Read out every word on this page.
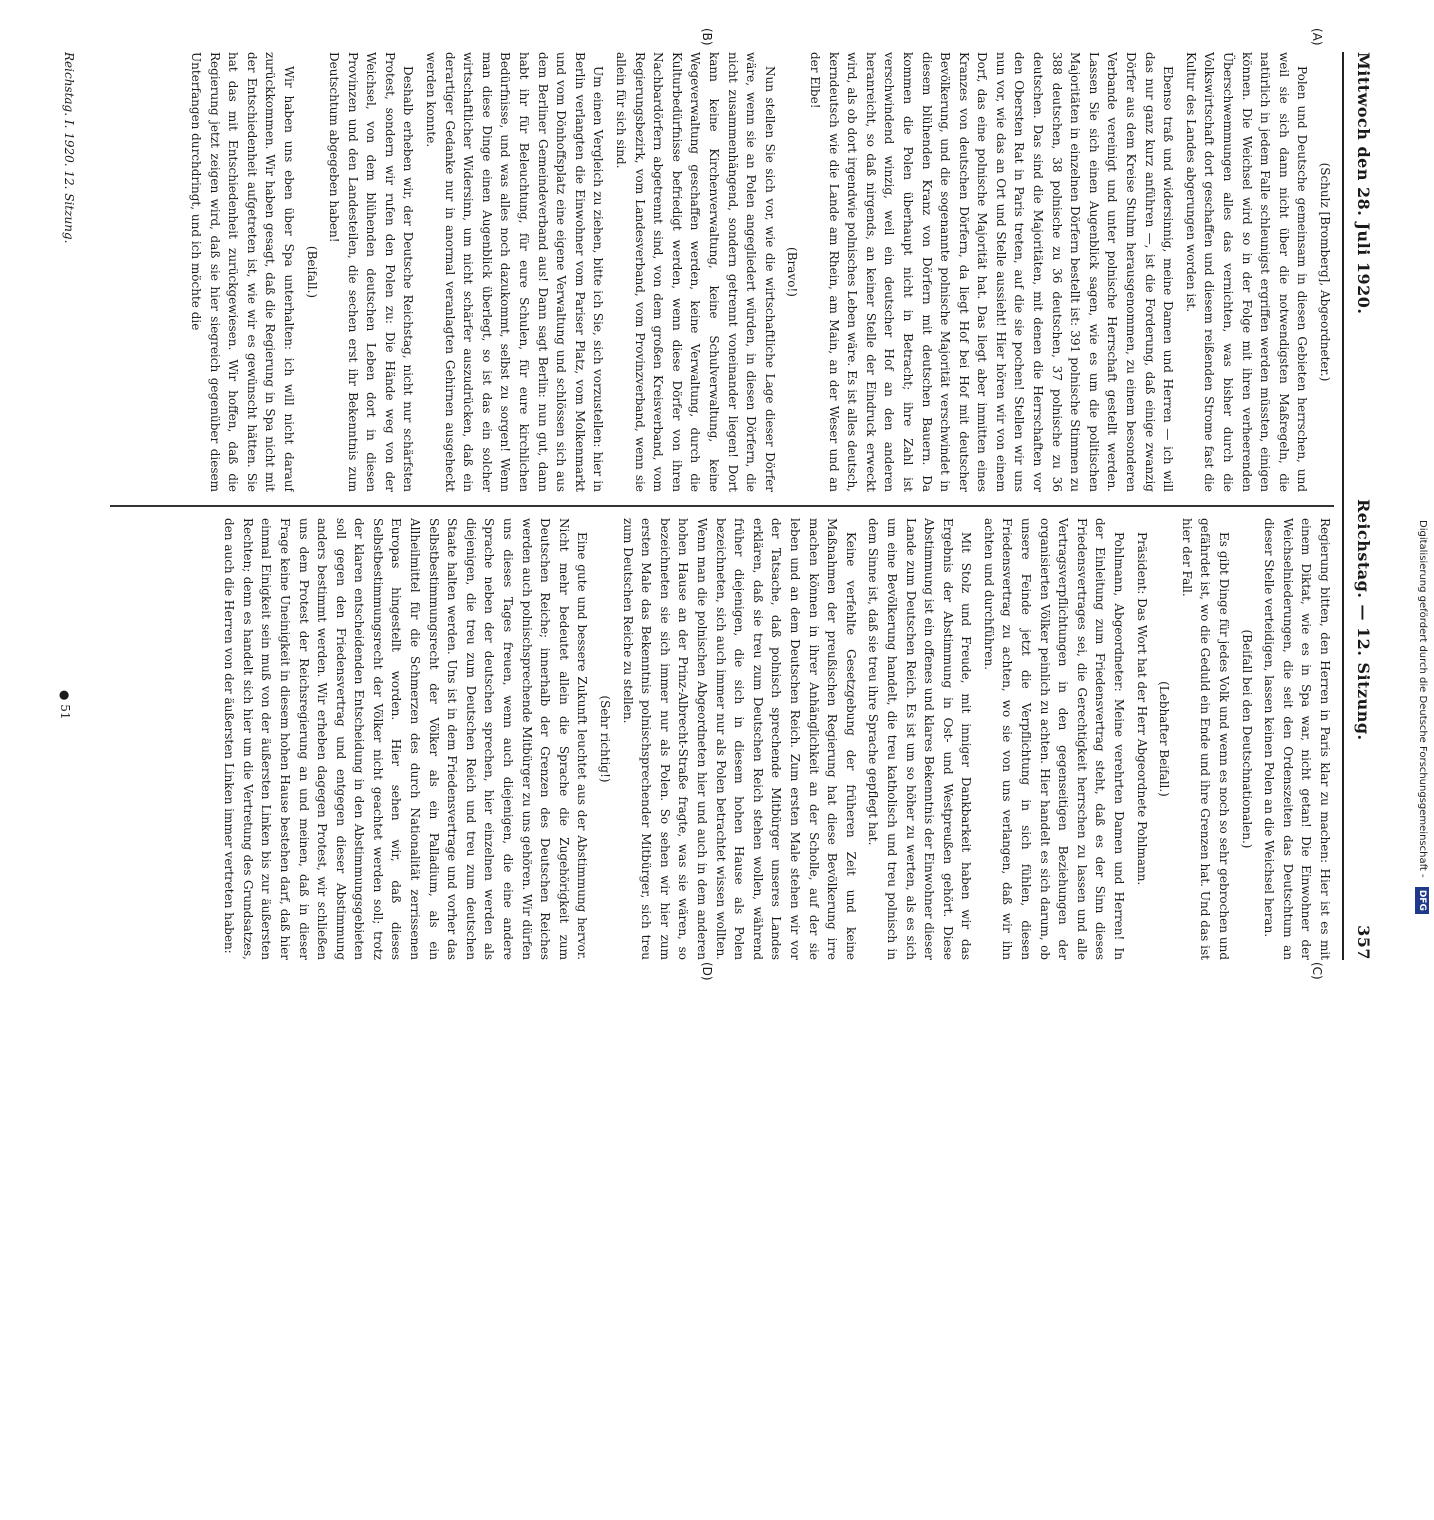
357
Reichstag. — 12. Sitzung.
Mittwoch den 28. Juli 1920.
(A)
(B)
(C)
(D)

(Schulz [Bromberg], Abgeordneter.)

Polen und Deutsche gemeinsam in diesen Gebieten herrschen, und weil sie sich dann nicht über die notwendigsten Maßregeln, die natürlich in jedem Falle schleunigst ergriffen werden müssten, einigen können. Die Weichsel wird so in der Folge mit ihren verheerenden Überschwemmungen alles das vernichten, was bisher durch die Volkswirtschaft dort geschaffen und diesem reißenden Strome fast die Kultur des Landes abgerungen worden ist.

Ebenso traß und widersinnig, meine Damen und Herren — ich will das nur ganz kurz anführen —, ist die Forderung, daß einige zwanzig Dörfer aus dem Kreise Stuhm herausgenommen, zu einem besonderen Verbande vereinigt und unter polnische Herrschaft gestellt werden. Lassen Sie sich einen Augenblick sagen, wie es um die politischen Majoritäten in einzelnen Dörfern bestellt ist: 391 polnische Stimmen zu 388 deutschen, 38 polnische zu 36 deutschen, 37 polnische zu 36 deutschen. Das sind die Majoritäten, mit denen die Herrschaften vor den Obersten Rat in Paris treten, auf die sie pochen! Stellen wir uns nun vor, wie das an Ort und Stelle aussieht! Hier hören wir von einem Dorf, das eine polnische Majorität hat. Das liegt aber inmitten eines Kranzes von deutschen Dörfern, da liegt Hof bei Hof mit deutscher Bevölkerung, und die sogenannte polnische Majorität verschwindet in diesem blühenden Kranz von Dörfern mit deutschen Bauern. Da kommen die Polen überhaupt nicht in Betracht; ihre Zahl ist verschwindend winzig, weil ein deutscher Hof an den anderen heranreicht, so daß nirgends, an keiner Stelle der Eindruck erweckt wird, als ob dort irgendwie polnisches Leben wäre. Es ist alles deutsch, kerndeutsch wie die Lande am Rhein, am Main, an der Weser und an der Elbe!

(Bravo!)

Nun stellen Sie sich vor, wie die wirtschaftliche Lage dieser Dörfer wäre, wenn sie an Polen angegliedert würden, in diesen Dörfern, die nicht zusammenhängend, sondern getrennt voneinander liegen! Dort kann keine Kirchenverwaltung, keine Schulverwaltung, keine Wegeverwaltung geschaffen werden, keine Verwaltung, durch die Kulturbedürfnisse befriedigt werden, wenn diese Dörfer von ihren Nachbardörfern abgetrennt sind, von dem großen Kreisverband, vom Regierungsbezirk, vom Landesverband, vom Provinzverband, wenn sie allein für sich sind.

Um einen Vergleich zu ziehen, bitte ich Sie, sich vorzustellen: hier in Berlin verlangten die Einwohner vom Pariser Platz, vom Molkenmarkt und vom Dönhoffsplatz eine eigene Verwaltung und schlössen sich aus dem Berliner Gemeindeverband aus! Dann sagt Berlin: nun gut, dann habt ihr für Beleuchtung, für eure Schulen, für eure kirchlichen Bedürfnisse, und was alles noch dazukommt, selbst zu sorgen! Wenn man diese Dinge einen Augenblick überlegt, so ist das ein solcher wirtschaftlicher Widersinn, um nicht schärfer auszudrücken, daß ein derartiger Gedanke nur in anormal veranlagten Gehirnen ausgeheckt werden konnte.

Deshalb erheben wir, der Deutsche Reichstag, nicht nur schärfsten Protest, sondern wir rufen den Polen zu: Die Hände weg von der Weichsel, von dem blühenden deutschen Leben dort in diesen Provinzen und den Landesteilen, die sechen erst ihr Bekenntnis zum Deutschtum abgegeben haben!

(Beifall.)

Wir haben uns eben über Spa unterhalten: ich will nicht darauf zurückkommen. Wir haben gesagt, daß die Regierung in Spa nicht mit der Entschiedenheit aufgetreten ist, wie wir es gewünscht hätten. Sie hat das mit Entschiedenheit zurückgewiesen. Wir hoffen, daß die Regierung jetzt zeigen wird, daß sie hier siegreich gegenüber diesem Unterfangen durchdringt, und ich möchte die

Regierung bitten, den Herren in Paris klar zu machen: Hier ist es mit einem Diktat, wie es in Spa war, nicht getan! Die Einwohner der Weichselniederungen, die seit den Ordenszeiten das Deutschtum an dieser Stelle verteidigen, lassen keinen Polen an die Weichsel heran.

(Beifall bei den Deutschnationalen.)

Es gibt Dinge für jedes Volk und wenn es noch so sehr gebrochen und gefährdet ist, wo die Geduld ein Ende und ihre Grenzen hat. Und das ist hier der Fall.

(Lebhafter Beifall.)

Präsident: Das Wort hat der Herr Abgeordnete Pohlmann.

Pohlmann, Abgeordneter: Meine verehrten Damen und Herren! In der Einleitung zum Friedensvertrag steht, daß es der Sinn dieses Friedensvertrages sei, die Gerechtigkeit herrschen zu lassen und alle Vertragsverpflichtungen in den gegenseitigen Beziehungen der organisierten Völker peinlich zu achten. Hier handelt es sich darum, ob unsere Feinde jetzt die Verpflichtung in sich fühlen, diesen Friedensvertrag zu achten, wo sie von uns verlangen, daß wir ihn achten und durchführen.

Mit Stolz und Freude, mit inniger Dankbarkeit haben wir das Ergebnis der Abstimmung in Ost- und Westpreußen gehört. Diese Abstimmung ist ein offenes und klares Bekenntnis der Einwohner dieser Lande zum Deutschen Reich. Es ist um so höher zu werten, als es sich um eine Bevölkerung handelt, die treu katholisch und treu polnisch in dem Sinne ist, daß sie treu ihre Sprache gepflegt hat.

Keine verfehlte Gesetzgebung der früheren Zeit und keine Maßnahmen der preußischen Regierung hat diese Bevölkerung irre machen können in ihrer Anhänglichkeit an der Scholle, auf der sie leben und an dem Deutschen Reich. Zum ersten Male stehen wir vor der Tatsache, daß polnisch sprechende Mitbürger unseres Landes erklären, daß sie treu zum Deutschen Reich stehen wollen, während früher diejenigen, die sich in diesem hohen Hause als Polen bezeichneten, sich auch immer nur als Polen betrachtet wissen wollten. Wenn man die polnischen Abgeordneten hier und auch in dem anderen hohen Hause an der Prinz-Albrecht-Straße fragte, was sie wären, so bezeichneten sie sich immer nur als Polen. So sehen wir hier zum ersten Male das Bekenntnis polnischsprechender Mitbürger, sich treu zum Deutschen Reiche zu stellen.

(Sehr richtig!)

Eine gute und bessere Zukunft leuchtet aus der Abstimmung hervor. Nicht mehr bedeutet allein die Sprache die Zugehörigkeit zum Deutschen Reiche; innerhalb der Grenzen des Deutschen Reiches werden auch polnischsprechende Mitbürger zu uns gehören. Wir dürfen uns dieses Tages freuen, wenn auch diejenigen, die eine andere Sprache neben der deutschen sprechen, hier einzelnen werden als diejenigen, die treu zum Deutschen Reich und treu zum deutschen Staate halten werden. Uns ist in dem Friedensvertrage und vorher das Selbstbestimmungsrecht der Völker als ein Palladium, als ein Allheilmittel für die Schmerzen des durch Nationalität zerrissenen Europas hingestellt worden. Hier sehen wir, daß dieses Selbstbestimmungsrecht der Völker nicht geachtet werden soll; trotz der klaren entscheidenden Entscheidung in den Abstimmungsgebieten soll gegen den Friedensvertrag und entgegen dieser Abstimmung anders bestimmt werden. Wir erheben dagegen Protest, wir schließen uns dem Protest der Reichsregierung an und meinen, daß in dieser Frage keine Uneinigkeit in diesem hohen Hause bestehen darf, daß hier einmal Einigkeit sein muß von der äußersten Linken bis zur äußersten Rechten; denn es handelt sich hier um die Vertretung des Grundsatzes, den auch die Herren von der äußersten Linken immer vertreten haben:

Reichstag. I. 1920. 12. Sitzung.
● 51	Digitalisierung gefördert durch die Deutsche Forschungsgemeinschaft - DFG
